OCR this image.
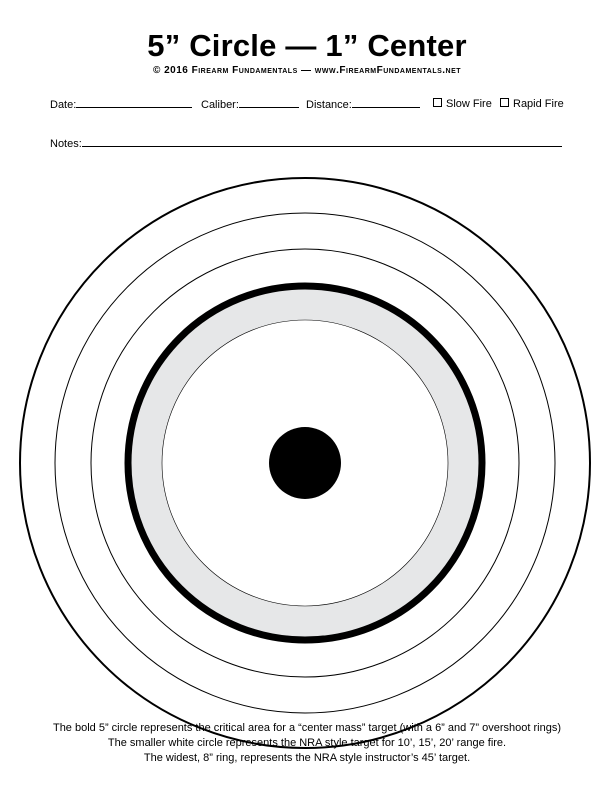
5” Circle — 1” Center
© 2016 Firearm Fundamentals — www.FirearmFundamentals.net
Date:	Caliber:	Distance:	Slow Fire	Rapid Fire
Notes:
The bold 5” circle represents the critical area for a “center mass” target (with a 6” and 7” overshoot rings)
The smaller white circle represents the NRA style target for 10’, 15’, 20’ range fire.
The widest, 8” ring, represents the NRA style instructor’s 45’ target.
